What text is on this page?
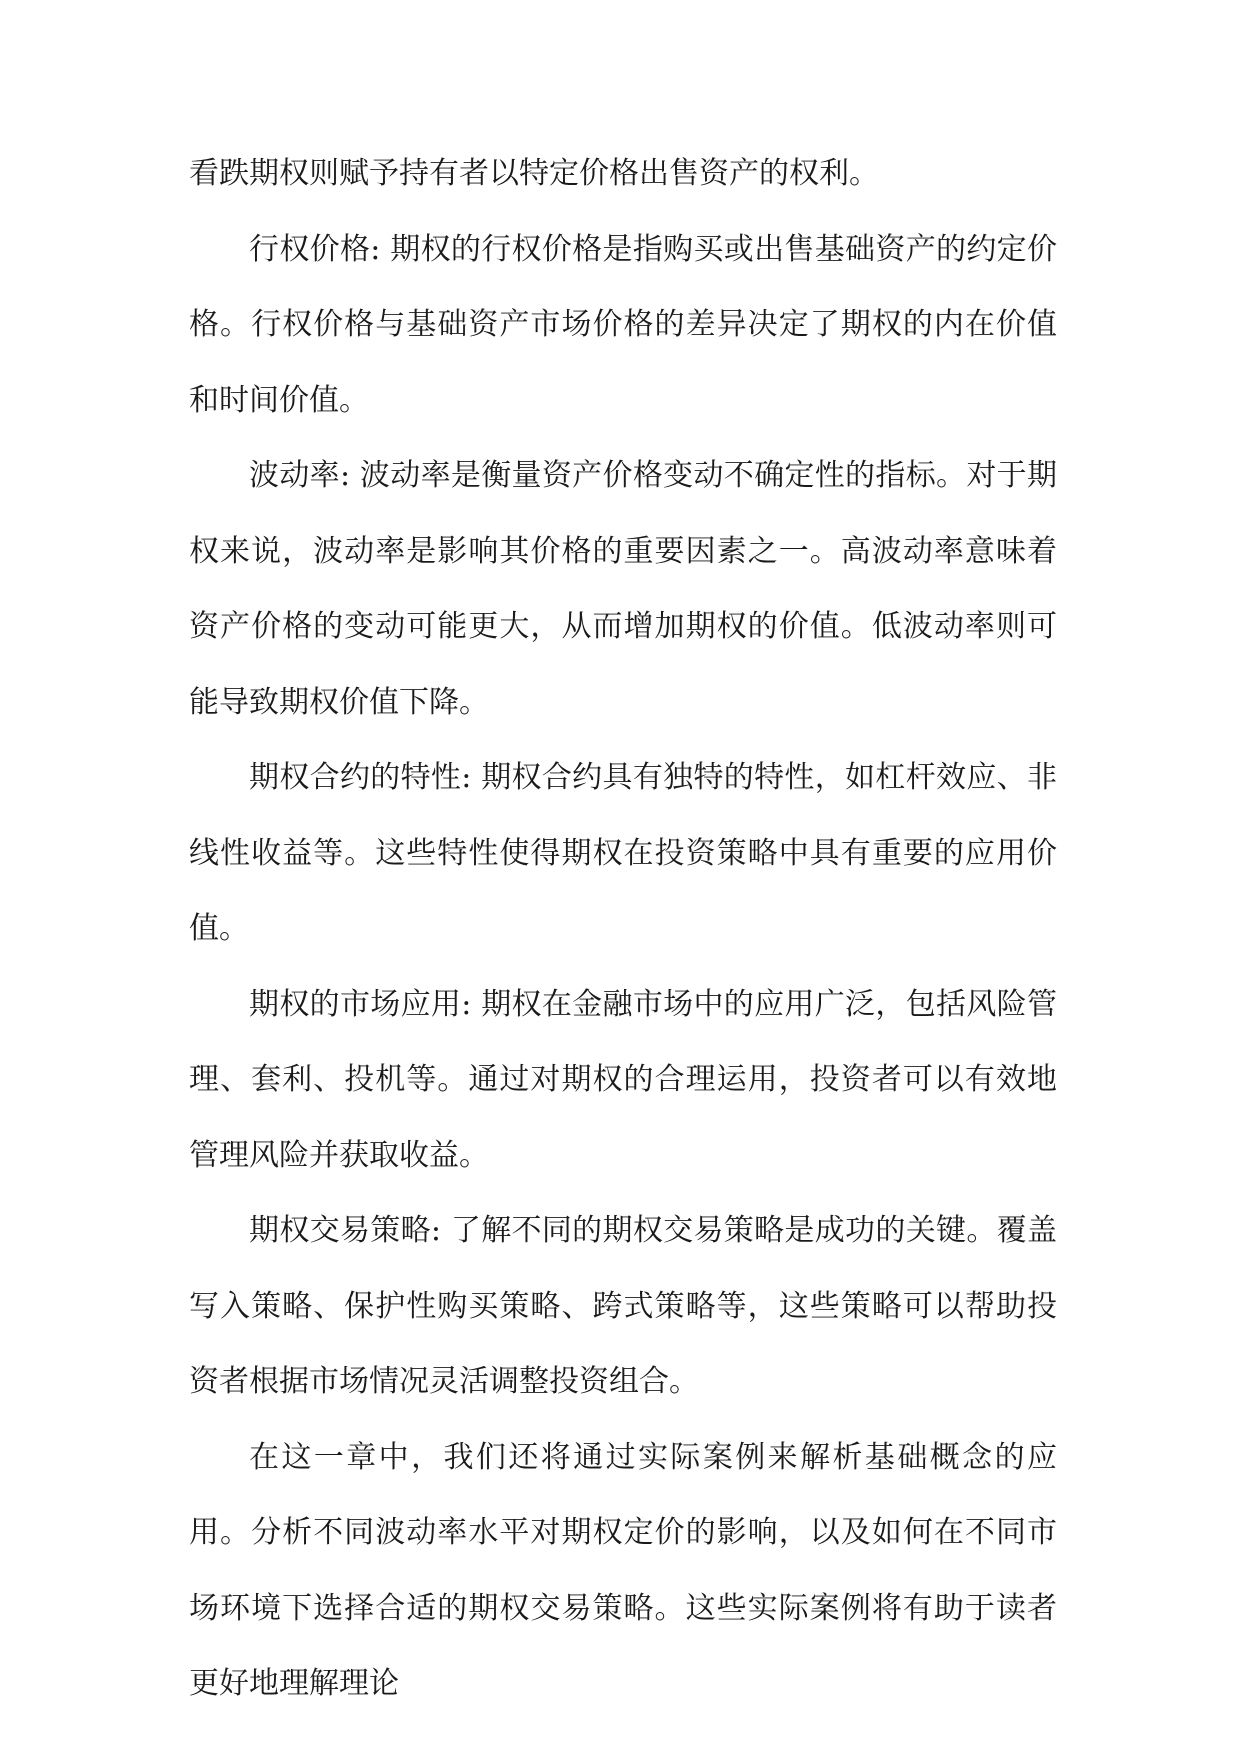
看跌期权则赋予持有者以特定价格出售资产的权利。

行权价格: 期权的行权价格是指购买或出售基础资产的约定价格。行权价格与基础资产市场价格的差异决定了期权的内在价值和时间价值。

波动率: 波动率是衡量资产价格变动不确定性的指标。对于期权来说，波动率是影响其价格的重要因素之一。高波动率意味着资产价格的变动可能更大，从而增加期权的价值。低波动率则可能导致期权价值下降。

期权合约的特性: 期权合约具有独特的特性，如杠杆效应、非线性收益等。这些特性使得期权在投资策略中具有重要的应用价值。

期权的市场应用: 期权在金融市场中的应用广泛，包括风险管理、套利、投机等。通过对期权的合理运用，投资者可以有效地管理风险并获取收益。

期权交易策略: 了解不同的期权交易策略是成功的关键。覆盖写入策略、保护性购买策略、跨式策略等，这些策略可以帮助投资者根据市场情况灵活调整投资组合。

在这一章中，我们还将通过实际案例来解析基础概念的应用。分析不同波动率水平对期权定价的影响，以及如何在不同市场环境下选择合适的期权交易策略。这些实际案例将有助于读者更好地理解理论
